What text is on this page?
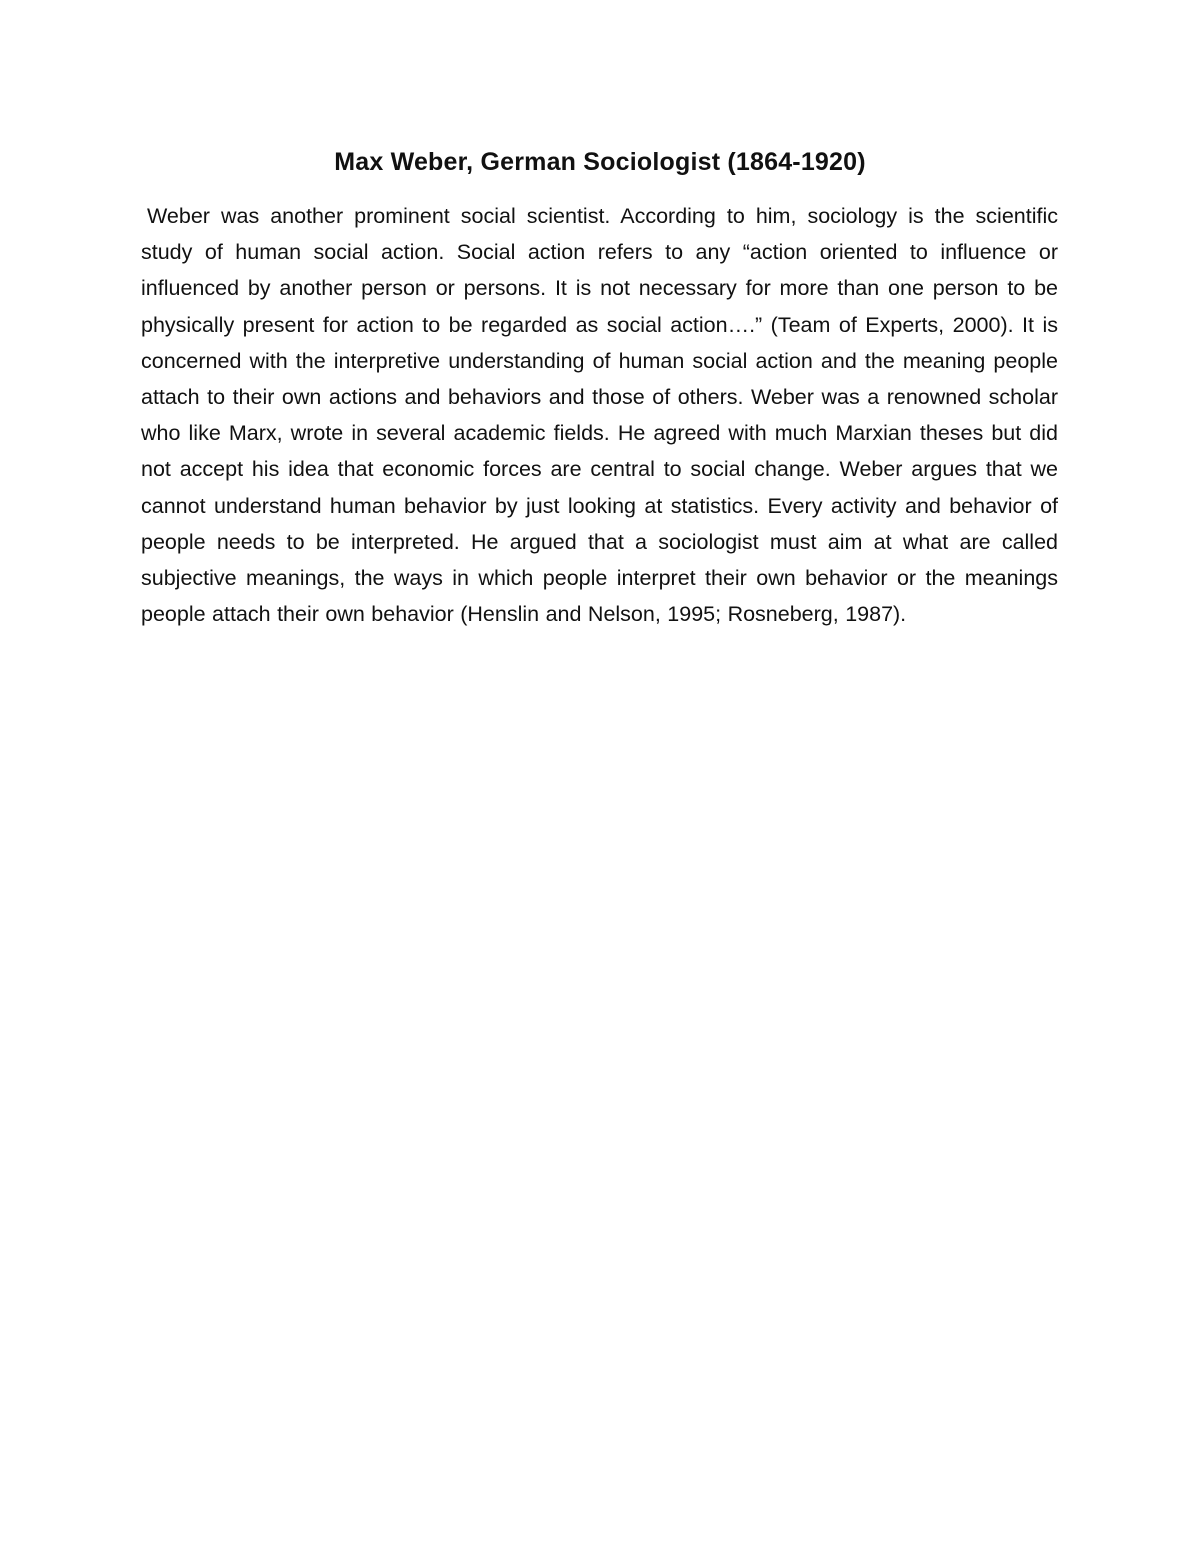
Max Weber, German Sociologist (1864-1920)

Weber was another prominent social scientist. According to him, sociology is the scientific study of human social action. Social action refers to any “action oriented to influence or influenced by another person or persons. It is not necessary for more than one person to be physically present for action to be regarded as social action….” (Team of Experts, 2000). It is concerned with the interpretive understanding of human social action and the meaning people attach to their own actions and behaviors and those of others. Weber was a renowned scholar who like Marx, wrote in several academic fields. He agreed with much Marxian theses but did not accept his idea that economic forces are central to social change. Weber argues that we cannot understand human behavior by just looking at statistics. Every activity and behavior of people needs to be interpreted. He argued that a sociologist must aim at what are called subjective meanings, the ways in which people interpret their own behavior or the meanings people attach their own behavior (Henslin and Nelson, 1995; Rosneberg, 1987).
